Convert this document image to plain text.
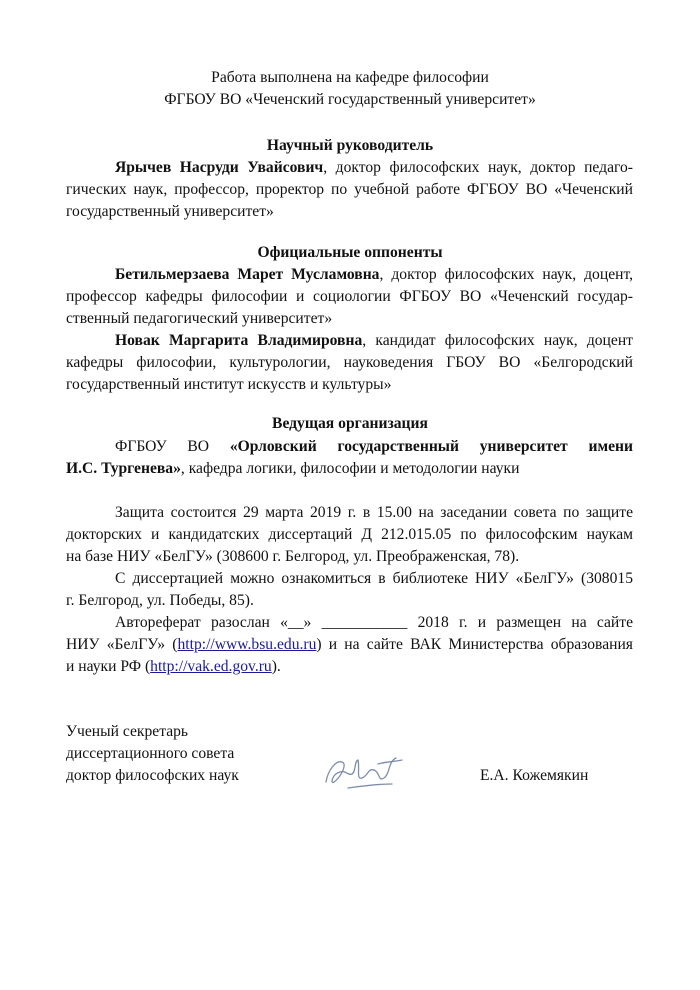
Работа выполнена на кафедре философии
ФГБОУ ВО «Чеченский государственный университет»
Научный руководитель
Ярычев Насруди Увайсович, доктор философских наук, доктор педаго-
гических наук, профессор, проректор по учебной работе ФГБОУ ВО «Чеченский
государственный университет»
Официальные оппоненты
Бетильмерзаева Марет Мусламовна, доктор философских наук, доцент,
профессор кафедры философии и социологии ФГБОУ ВО «Чеченский государ-
ственный педагогический университет»
Новак Маргарита Владимировна, кандидат философских наук, доцент
кафедры философии, культурологии, науковедения ГБОУ ВО «Белгородский
государственный институт искусств и культуры»
Ведущая организация
ФГБОУ ВО «Орловский государственный университет имени
И.С. Тургенева», кафедра логики, философии и методологии науки
Защита состоится 29 марта 2019 г. в 15.00 на заседании совета по защите
докторских и кандидатских диссертаций Д 212.015.05 по философским наукам
на базе НИУ «БелГУ» (308600 г. Белгород, ул. Преображенская, 78).
С диссертацией можно ознакомиться в библиотеке НИУ «БелГУ» (308015
г. Белгород, ул. Победы, 85).
Автореферат разослан «__» ___________ 2018 г. и размещен на сайте
НИУ «БелГУ» (http://www.bsu.edu.ru) и на сайте ВАК Министерства образования
и науки РФ (http://vak.ed.gov.ru).
Ученый секретарь
диссертационного совета
доктор философских наук	Е.А. Кожемякин
